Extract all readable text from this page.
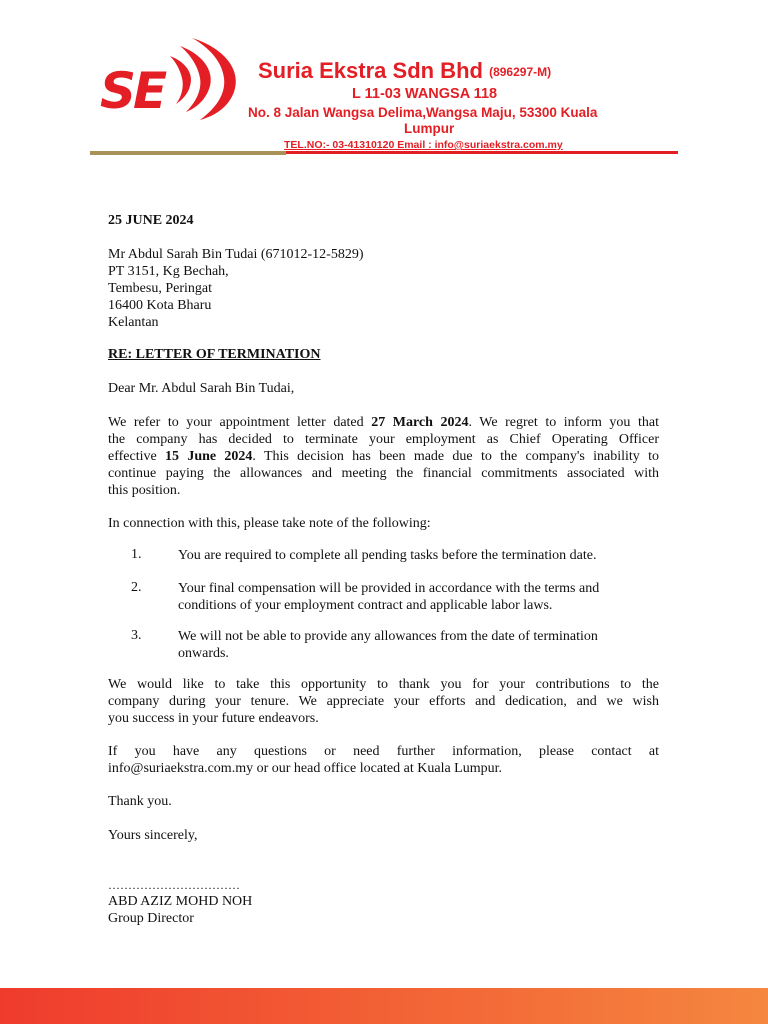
SE	Suria Ekstra Sdn Bhd (896297-M)
L 11-03 WANGSA 118
No. 8 Jalan Wangsa Delima,Wangsa Maju, 53300 Kuala
Lumpur
TEL.NO:- 03-41310120 Email : info@suriaekstra.com.my
25 JUNE 2024
Mr Abdul Sarah Bin Tudai (671012-12-5829)
PT 3151, Kg Bechah,
Tembesu, Peringat
16400 Kota Bharu
Kelantan
RE: LETTER OF TERMINATION
Dear Mr. Abdul Sarah Bin Tudai,
We refer to your appointment letter dated 27 March 2024. We regret to inform you that
the company has decided to terminate your employment as Chief Operating Officer
effective 15 June 2024. This decision has been made due to the company's inability to
continue paying the allowances and meeting the financial commitments associated with
this position.
In connection with this, please take note of the following:
1.	You are required to complete all pending tasks before the termination date.
2.	Your final compensation will be provided in accordance with the terms and
conditions of your employment contract and applicable labor laws.
3.	We will not be able to provide any allowances from the date of termination
onwards.
We would like to take this opportunity to thank you for your contributions to the
company during your tenure. We appreciate your efforts and dedication, and we wish
you success in your future endeavors.
If you have any questions or need further information, please contact at
info@suriaekstra.com.my or our head office located at Kuala Lumpur.
Thank you.
Yours sincerely,
……………………………
ABD AZIZ MOHD NOH
Group Director
